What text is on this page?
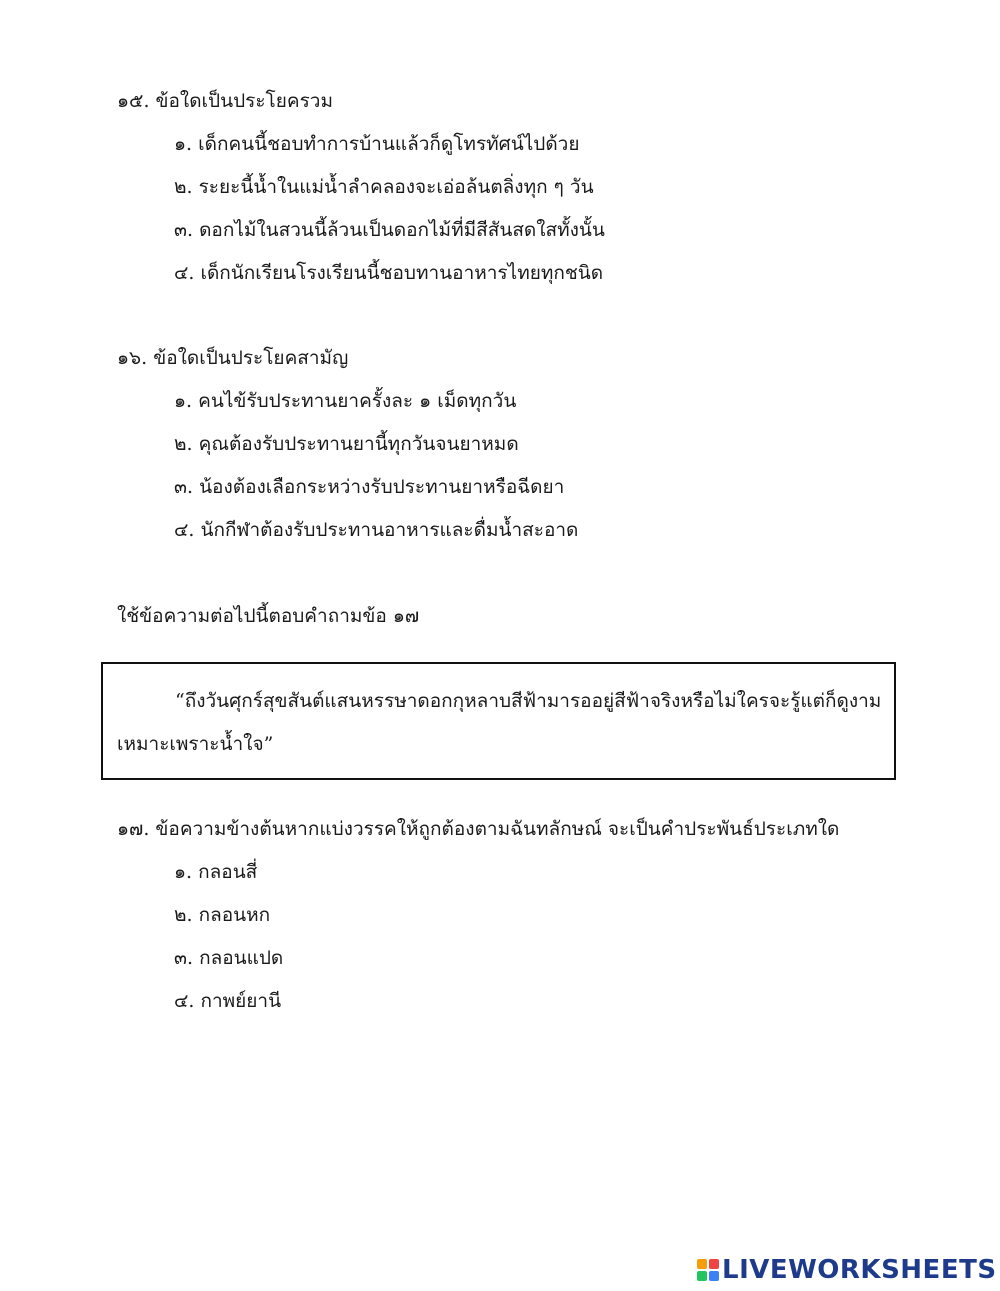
๑๕. ข้อใดเป็นประโยครวม
๑. เด็กคนนี้ชอบทำการบ้านแล้วก็ดูโทรทัศน์ไปด้วย
๒. ระยะนี้น้ำในแม่น้ำลำคลองจะเอ่อล้นตลิ่งทุก ๆ วัน
๓. ดอกไม้ในสวนนี้ล้วนเป็นดอกไม้ที่มีสีสันสดใสทั้งนั้น
๔. เด็กนักเรียนโรงเรียนนี้ชอบทานอาหารไทยทุกชนิด
๑๖. ข้อใดเป็นประโยคสามัญ
๑. คนไข้รับประทานยาครั้งละ ๑ เม็ดทุกวัน
๒. คุณต้องรับประทานยานี้ทุกวันจนยาหมด
๓. น้องต้องเลือกระหว่างรับประทานยาหรือฉีดยา
๔. นักกีฬาต้องรับประทานอาหารและดื่มน้ำสะอาด
ใช้ข้อความต่อไปนี้ตอบคำถามข้อ ๑๗
“ถึงวันศุกร์สุขสันต์แสนหรรษาดอกกุหลาบสีฟ้ามารออยู่สีฟ้าจริงหรือไม่ใครจะรู้แต่ก็ดูงาม
เหมาะเพราะน้ำใจ”
๑๗. ข้อความข้างต้นหากแบ่งวรรคให้ถูกต้องตามฉันทลักษณ์ จะเป็นคำประพันธ์ประเภทใด
๑. กลอนสี่
๒. กลอนหก
๓. กลอนแปด
๔. กาพย์ยานี
LIVEWORKSHEETS
